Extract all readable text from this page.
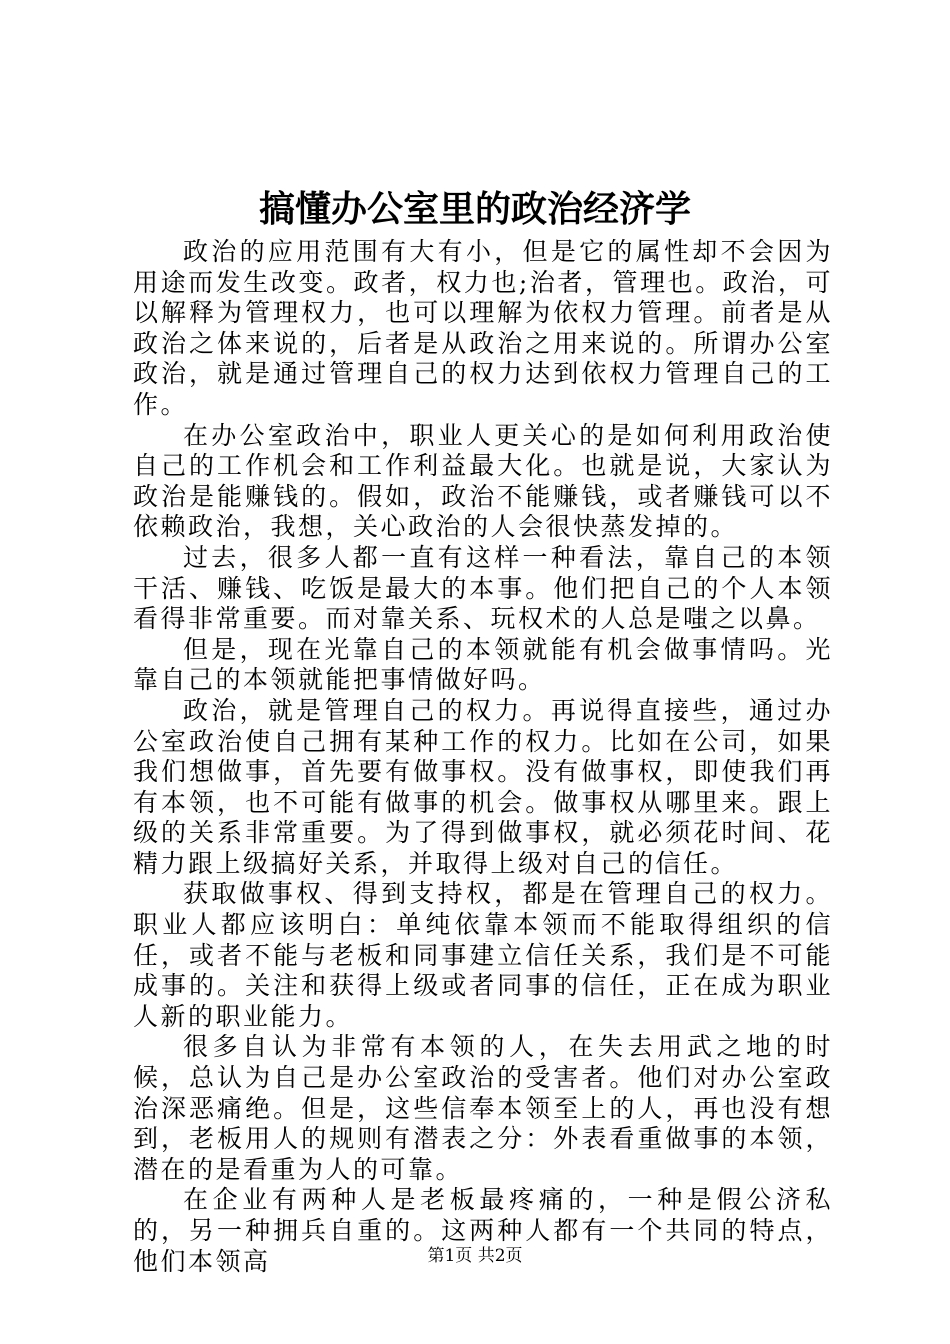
搞懂办公室里的政治经济学

政治的应用范围有大有小，但是它的属性却不会因为用途而发生改变。政者，权力也;治者，管理也。政治，可以解释为管理权力，也可以理解为依权力管理。前者是从政治之体来说的，后者是从政治之用来说的。所谓办公室政治，就是通过管理自己的权力达到依权力管理自己的工作。

在办公室政治中，职业人更关心的是如何利用政治使自己的工作机会和工作利益最大化。也就是说，大家认为政治是能赚钱的。假如，政治不能赚钱，或者赚钱可以不依赖政治，我想，关心政治的人会很快蒸发掉的。

过去，很多人都一直有这样一种看法，靠自己的本领干活、赚钱、吃饭是最大的本事。他们把自己的个人本领看得非常重要。而对靠关系、玩权术的人总是嗤之以鼻。

但是，现在光靠自己的本领就能有机会做事情吗。光靠自己的本领就能把事情做好吗。

政治，就是管理自己的权力。再说得直接些，通过办公室政治使自己拥有某种工作的权力。比如在公司，如果我们想做事，首先要有做事权。没有做事权，即使我们再有本领，也不可能有做事的机会。做事权从哪里来。跟上级的关系非常重要。为了得到做事权，就必须花时间、花精力跟上级搞好关系，并取得上级对自己的信任。

获取做事权、得到支持权，都是在管理自己的权力。职业人都应该明白：单纯依靠本领而不能取得组织的信任，或者不能与老板和同事建立信任关系，我们是不可能成事的。关注和获得上级或者同事的信任，正在成为职业人新的职业能力。

很多自认为非常有本领的人，在失去用武之地的时候，总认为自己是办公室政治的受害者。他们对办公室政治深恶痛绝。但是，这些信奉本领至上的人，再也没有想到，老板用人的规则有潜表之分：外表看重做事的本领，潜在的是看重为人的可靠。

在企业有两种人是老板最疼痛的，一种是假公济私的，另一种拥兵自重的。这两种人都有一个共同的特点，他们本领高	第1页 共2页
